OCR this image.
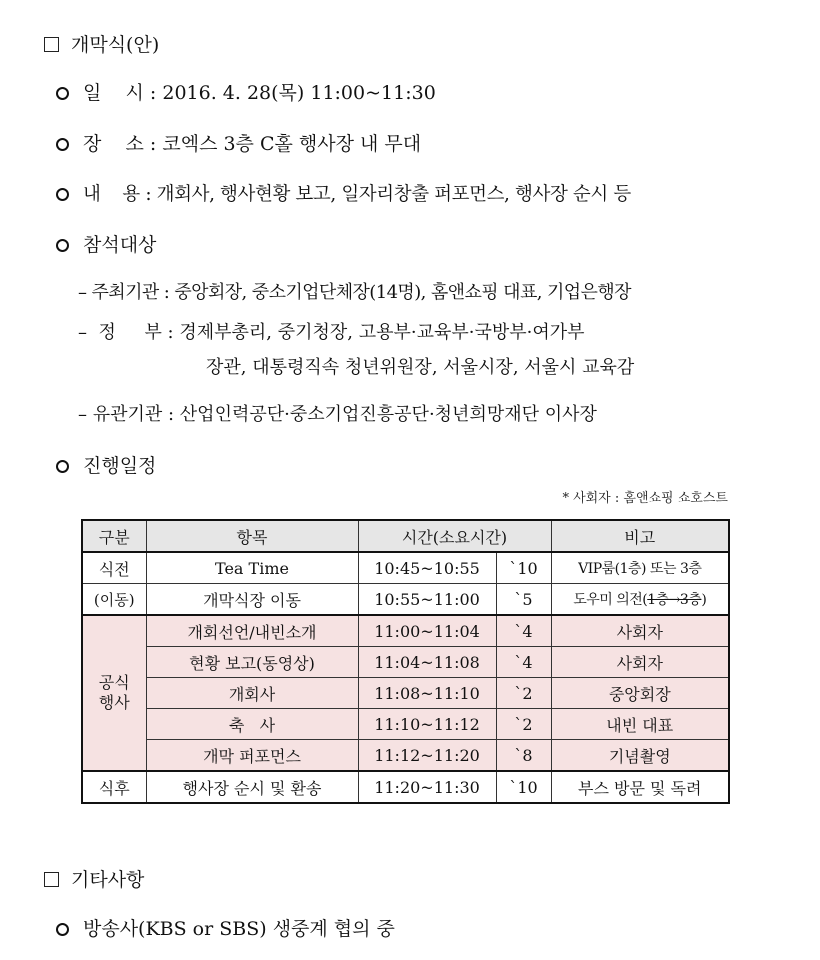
개막식(안)
일    시 : 2016. 4. 28(목) 11:00~11:30
장    소 : 코엑스 3층 C홀 행사장 내 무대
내    용 : 개회사, 행사현황 보고, 일자리창출 퍼포먼스, 행사장 순시 등
참석대상
– 주최기관 : 중앙회장, 중소기업단체장(14명), 홈앤쇼핑 대표, 기업은행장
–  정     부 : 경제부총리, 중기청장, 고용부·교육부·국방부·여가부
장관, 대통령직속 청년위원장, 서울시장, 서울시 교육감
– 유관기관 : 산업인력공단·중소기업진흥공단·청년희망재단 이사장
진행일정
* 사회자 : 홈앤쇼핑 쇼호스트
구분	항목	시간(소요시간)		비고
식전	Tea Time	10:45~10:55	`10	VIP룸(1층) 또는 3층
(이동)	개막식장 이동	10:55~11:00	`5	도우미 의전(1층→3층)
공식
행사	개회선언/내빈소개	11:00~11:04	`4	사회자
	현황 보고(동영상)	11:04~11:08	`4	사회자
	개회사	11:08~11:10	`2	중앙회장
	축   사	11:10~11:12	`2	내빈 대표
	개막 퍼포먼스	11:12~11:20	`8	기념촬영
식후	행사장 순시 및 환송	11:20~11:30	`10	부스 방문 및 독려
기타사항
방송사(KBS or SBS) 생중계 협의 중
